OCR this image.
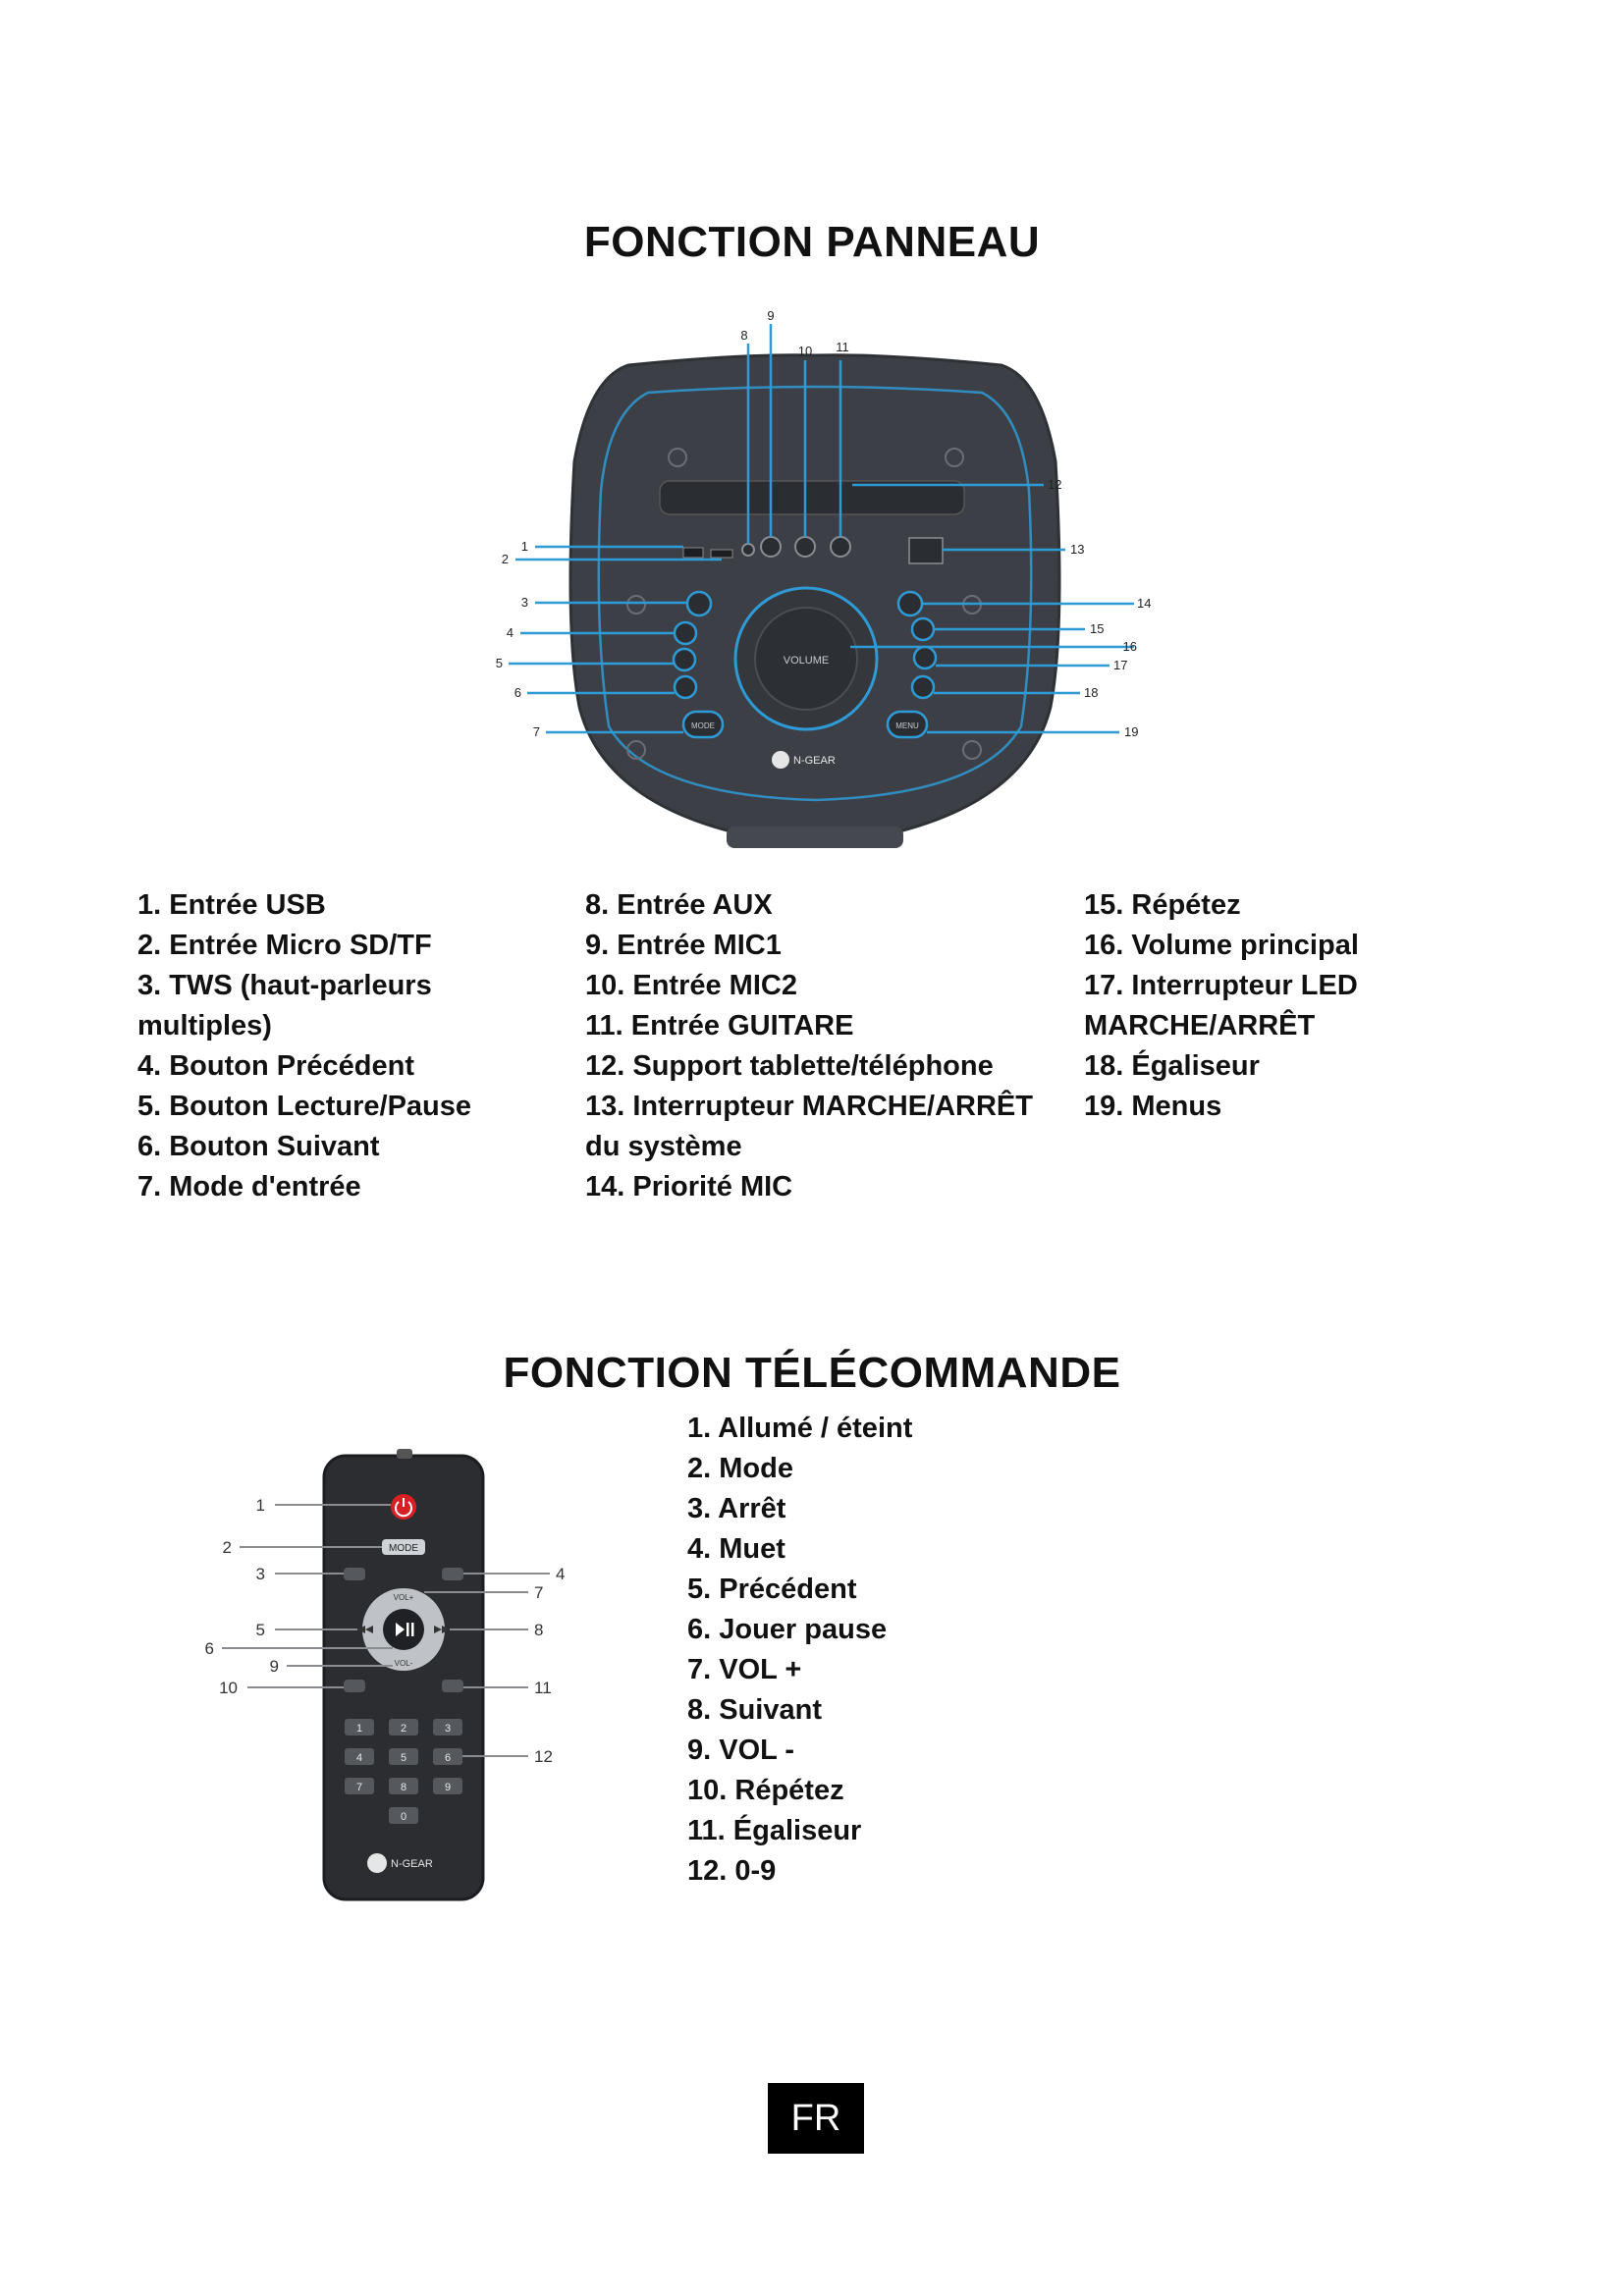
FONCTION PANNEAU
VOLUME
MODE	MENU
N-GEAR
1
2
3
4
5
6
7
8
9
10 11
12
13
14
15
16
17
18
19
1. Entrée USB
2. Entrée Micro SD/TF
3. TWS (haut-parleurs
multiples)
4. Bouton Précédent
5. Bouton Lecture/Pause
6. Bouton Suivant
7. Mode d'entrée
8. Entrée AUX
9. Entrée MIC1
10. Entrée MIC2
11. Entrée GUITARE
12. Support tablette/téléphone
13. Interrupteur MARCHE/ARRÊT
du système
14. Priorité MIC
15. Répétez
16. Volume principal
17. Interrupteur LED
MARCHE/ARRÊT
18. Égaliseur
19. Menus
FONCTION TÉLÉCOMMANDE
MODE
VOL+
VOL-
1	2	3
4	5	6
7	8	9
0
N-GEAR
1
2
3	4
5
6
7
8
9
10	11
12
1. Allumé / éteint
2. Mode
3. Arrêt
4. Muet
5. Précédent
6. Jouer pause
7. VOL +
8. Suivant
9. VOL -
10. Répétez
11. Égaliseur
12. 0-9
FR
